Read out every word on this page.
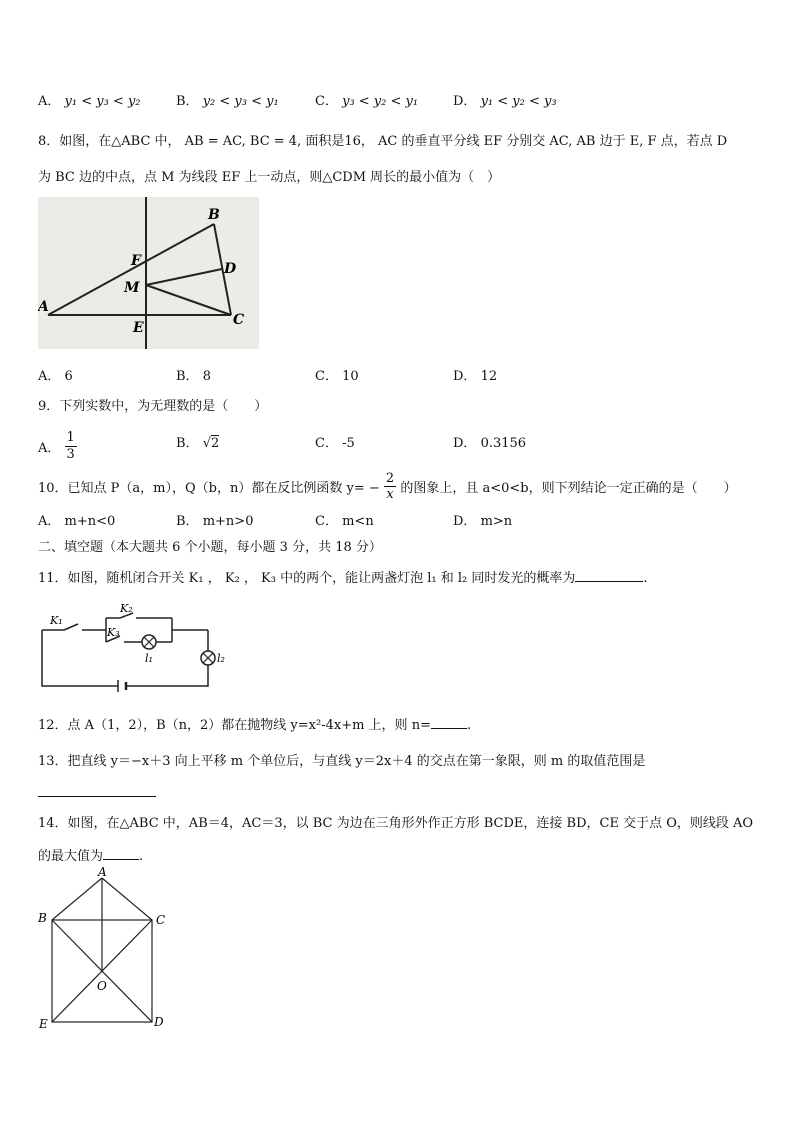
A． y₁ < y₃ < y₂	B． y₂ < y₃ < y₁	C． y₃ < y₂ < y₁	D． y₁ < y₂ < y₃
8．如图，在△ABC 中， AB = AC, BC = 4, 面积是16， AC 的垂直平分线 EF 分别交 AC, AB 边于 E, F 点，若点 D
为 BC 边的中点，点 M 为线段 EF 上一动点，则△CDM 周长的最小值为（　）
A
B
C
D
E
F
M
A． 6	B． 8	C． 10	D． 12
9．下列实数中，为无理数的是（　　）
A． $\frac{1}{3}$	B． √2	C． -5	D． 0.3156
10．已知点 P（a，m），Q（b，n）都在反比例函数 $y= - \frac{2}{x}$ 的图象上，且 a<0<b，则下列结论一定正确的是（　　）
A． m+n<0	B． m+n>0	C． m<n	D． m>n
二、填空题（本大题共 6 个小题，每小题 3 分，共 18 分）
11．如图，随机闭合开关 K₁ ， K₂ ， K₃ 中的两个，能让两盏灯泡 l₁ 和 l₂ 同时发光的概率为	.
K₁
K₂
K₃
l₁	l₂
12．点 A（1，2），B（n，2）都在抛物线 y=x²-4x+m 上，则 n=	.
13．把直线 y＝−x＋3 向上平移 m 个单位后，与直线 y＝2x＋4 的交点在第一象限，则 m 的取值范围是
14．如图，在△ABC 中，AB＝4，AC＝3，以 BC 为边在三角形外作正方形 BCDE，连接 BD，CE 交于点 O，则线段 AO
的最大值为	.
A
B	C
O
E	D
